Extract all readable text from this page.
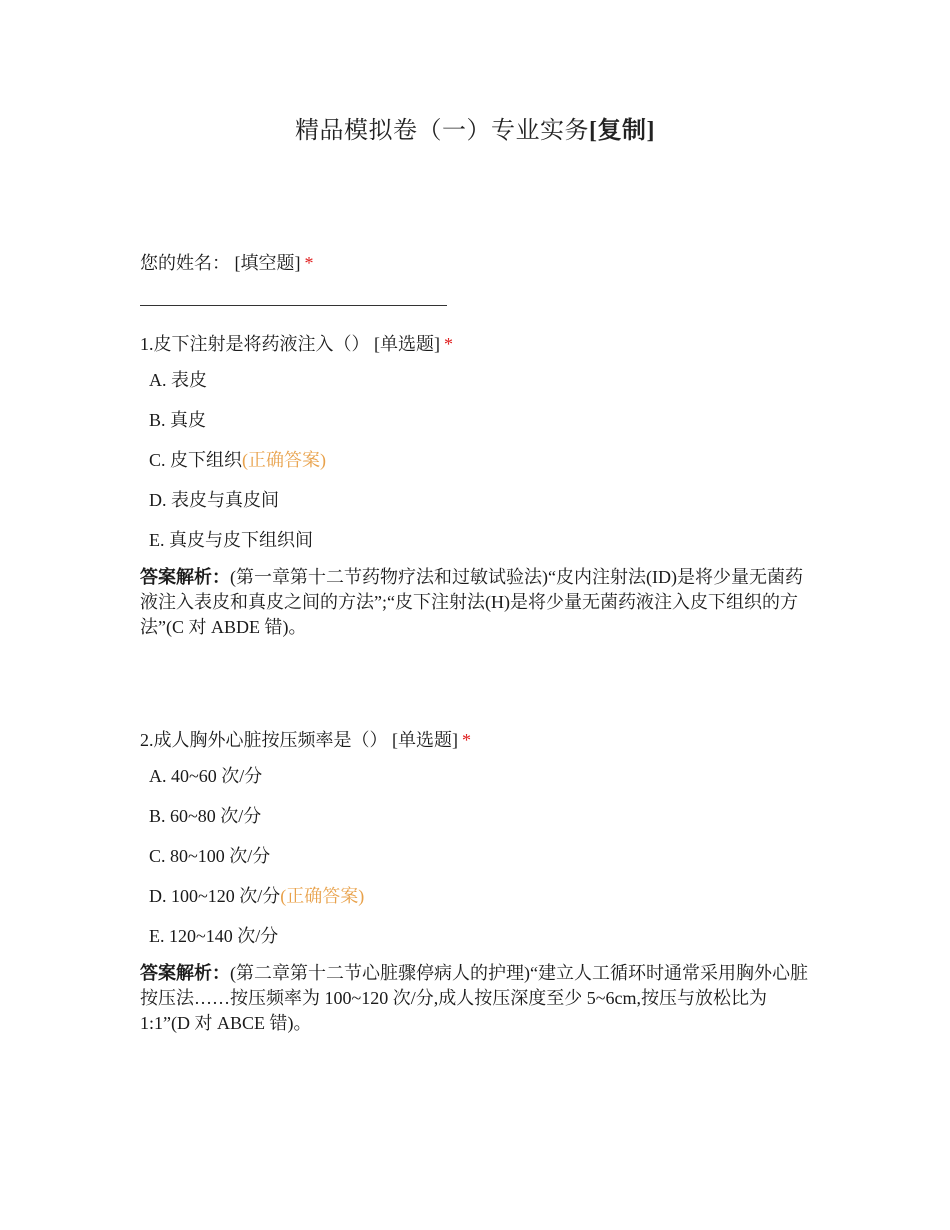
精品模拟卷（一）专业实务[复制]
您的姓名： [填空题] *
1.皮下注射是将药液注入（） [单选题] *
A. 表皮
B. 真皮
C. 皮下组织(正确答案)
D. 表皮与真皮间
E. 真皮与皮下组织间
答案解析：(第一章第十二节药物疗法和过敏试验法)“皮内注射法(ID)是将少量无菌药液注入表皮和真皮之间的方法”;“皮下注射法(H)是将少量无菌药液注入皮下组织的方法”(C 对 ABDE 错)。
2.成人胸外心脏按压频率是（） [单选题] *
A. 40~60 次/分
B. 60~80 次/分
C. 80~100 次/分
D. 100~120 次/分(正确答案)
E. 120~140 次/分
答案解析：(第二章第十二节心脏骤停病人的护理)“建立人工循环时通常采用胸外心脏按压法……按压频率为 100~120 次/分,成人按压深度至少 5~6cm,按压与放松比为 1:1”(D 对 ABCE 错)。
